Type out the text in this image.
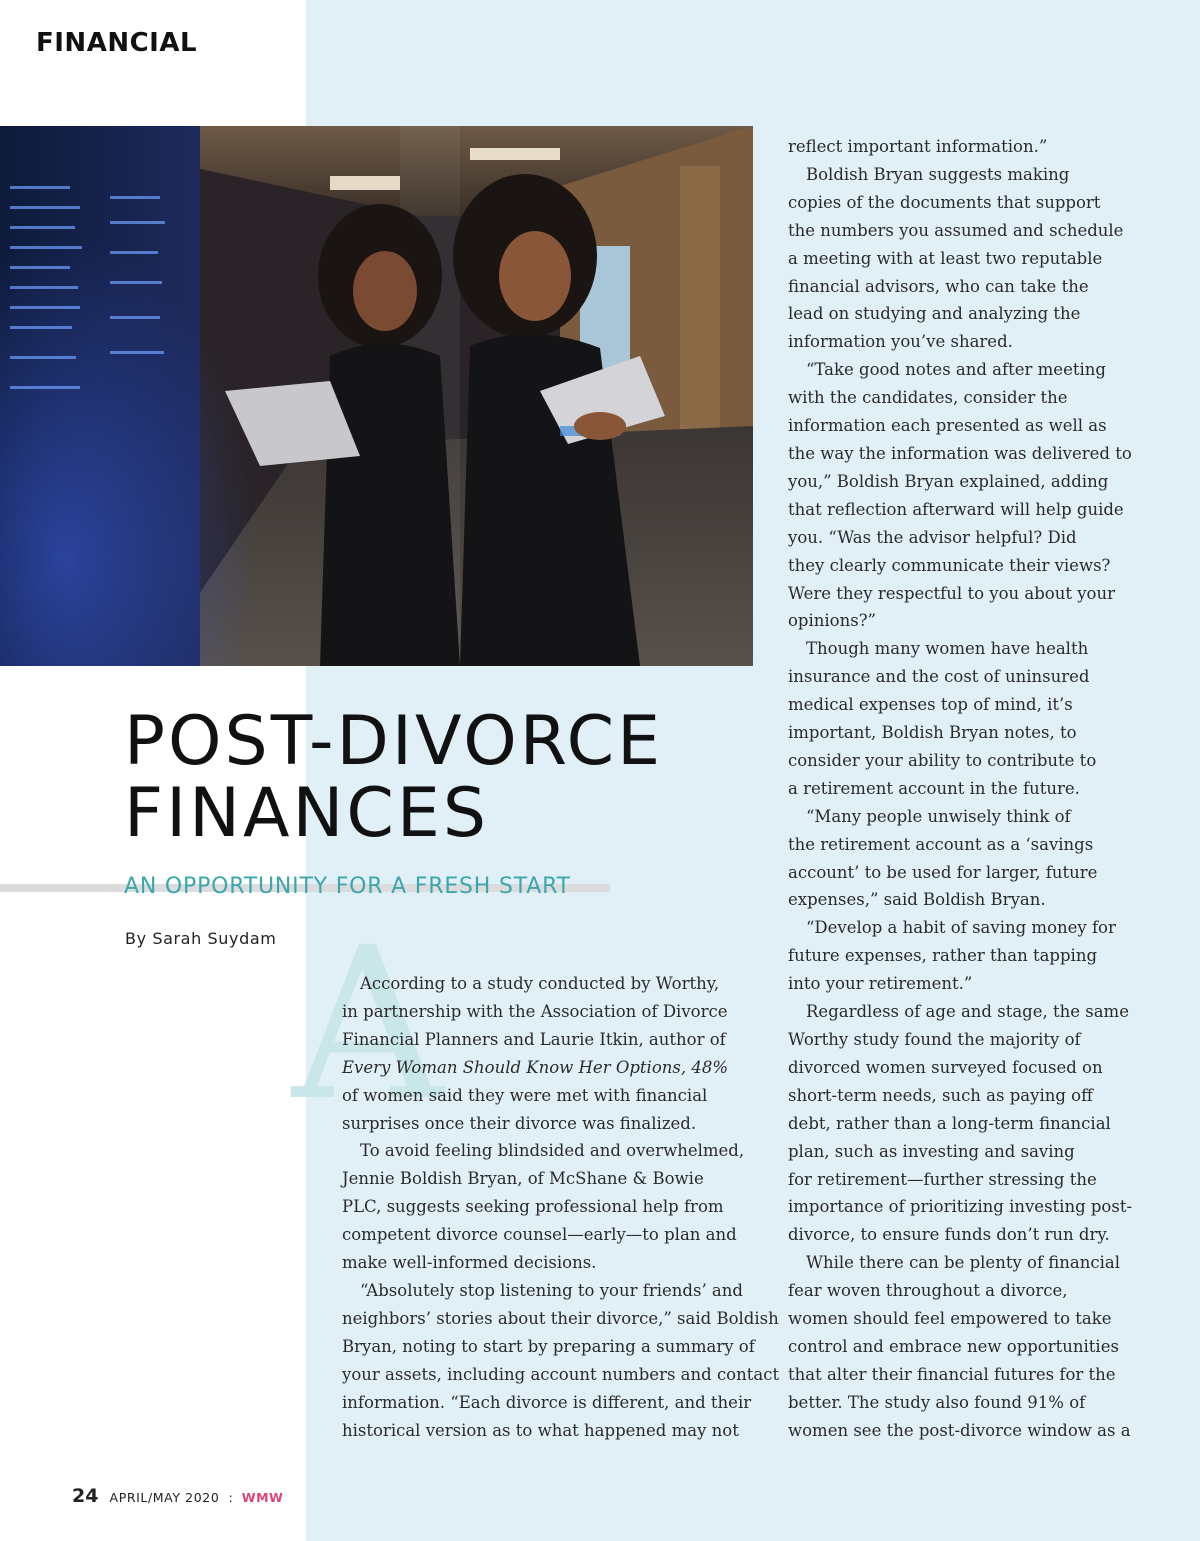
FINANCIAL
POST-DIVORCE
FINANCES
AN OPPORTUNITY FOR A FRESH START
By Sarah Suydam A

According to a study conducted by Worthy,
in partnership with the Association of Divorce
Financial Planners and Laurie Itkin, author of
Every Woman Should Know Her Options, 48%
of women said they were met with financial
surprises once their divorce was finalized.

To avoid feeling blindsided and overwhelmed,
Jennie Boldish Bryan, of McShane & Bowie
PLC, suggests seeking professional help from
competent divorce counsel—early—to plan and
make well-informed decisions.

“Absolutely stop listening to your friends’ and
neighbors’ stories about their divorce,” said Boldish
Bryan, noting to start by preparing a summary of
your assets, including account numbers and contact
information. “Each divorce is different, and their
historical version as to what happened may not

reflect important information.”

Boldish Bryan suggests making
copies of the documents that support
the numbers you assumed and schedule
a meeting with at least two reputable
financial advisors, who can take the
lead on studying and analyzing the
information you’ve shared.

“Take good notes and after meeting
with the candidates, consider the
information each presented as well as
the way the information was delivered to
you,” Boldish Bryan explained, adding
that reflection afterward will help guide
you. “Was the advisor helpful? Did
they clearly communicate their views?
Were they respectful to you about your
opinions?”

Though many women have health
insurance and the cost of uninsured
medical expenses top of mind, it’s
important, Boldish Bryan notes, to
consider your ability to contribute to
a retirement account in the future.

“Many people unwisely think of
the retirement account as a ‘savings
account’ to be used for larger, future
expenses,” said Boldish Bryan.

“Develop a habit of saving money for
future expenses, rather than tapping
into your retirement.”

Regardless of age and stage, the same
Worthy study found the majority of
divorced women surveyed focused on
short-term needs, such as paying off
debt, rather than a long-term financial
plan, such as investing and saving
for retirement—further stressing the
importance of prioritizing investing post-
divorce, to ensure funds don’t run dry.

While there can be plenty of financial
fear woven throughout a divorce,
women should feel empowered to take
control and embrace new opportunities
that alter their financial futures for the
better. The study also found 91% of
women see the post-divorce window as a

24 APRIL/MAY 2020 : WMW
